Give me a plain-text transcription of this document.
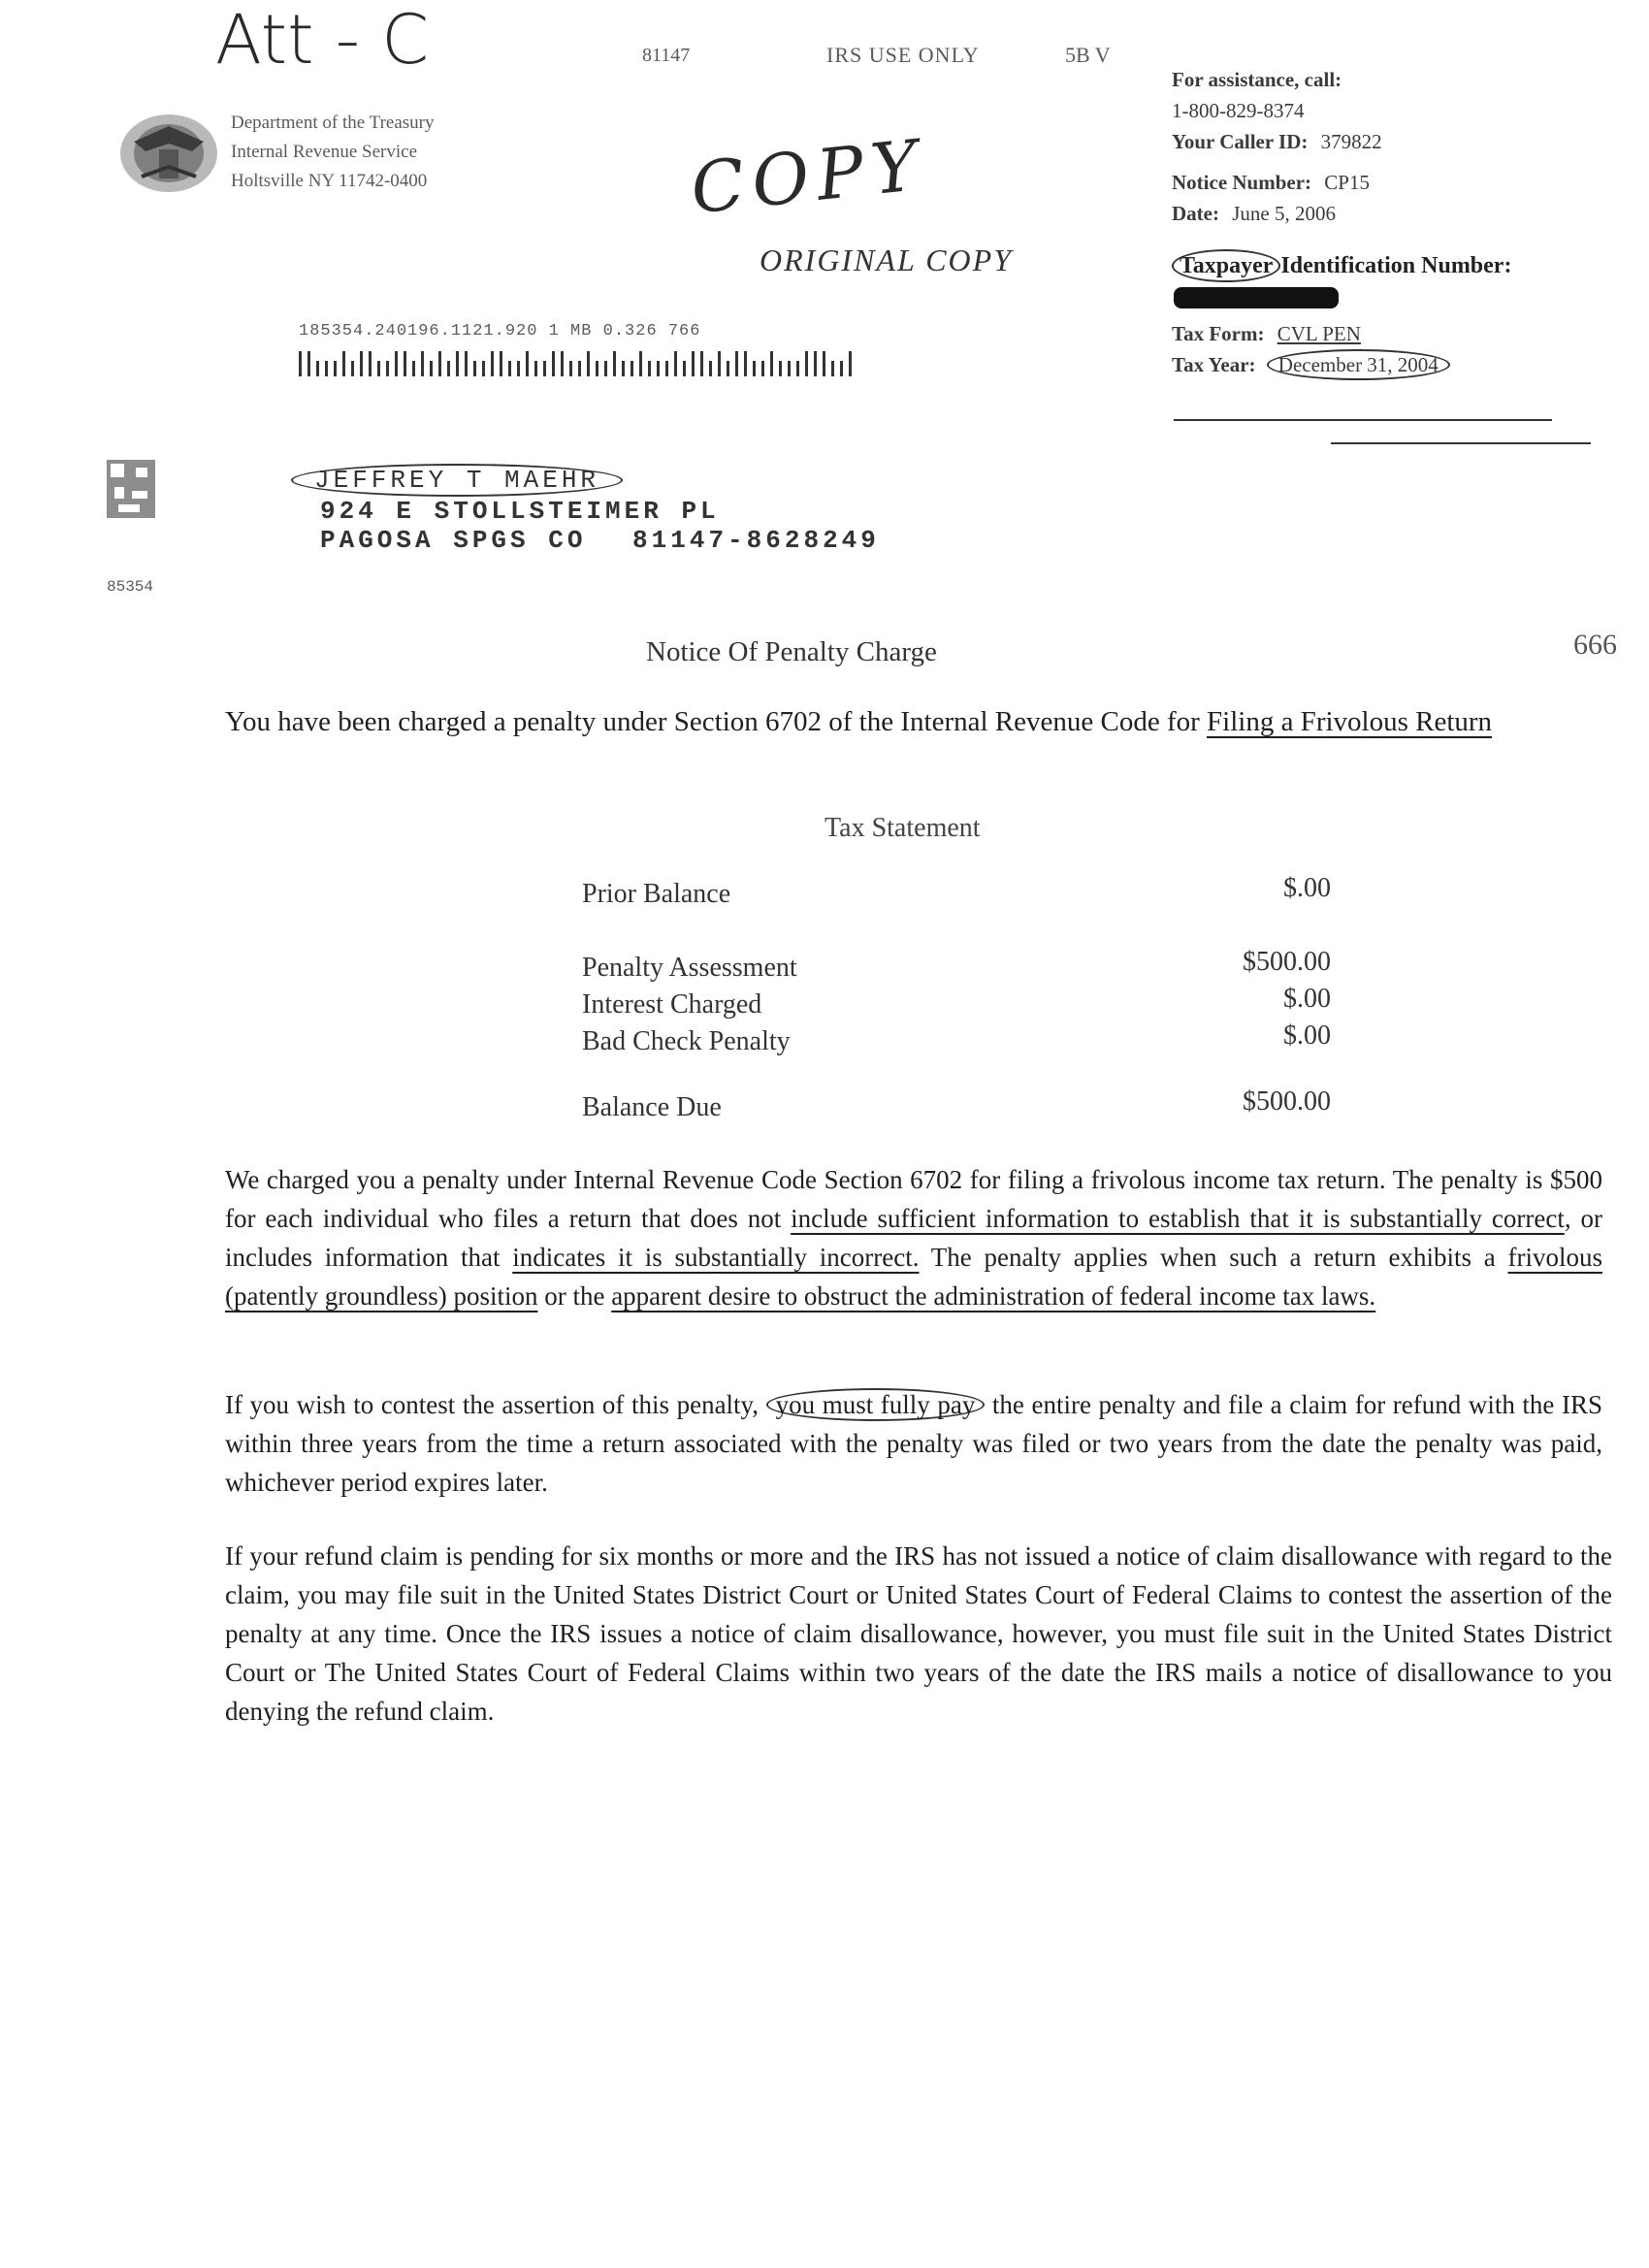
Att - C
COPY
81147	IRS USE ONLY	5B V
Department of the Treasury
Internal Revenue Service
Holtsville NY 11742-0400
ORIGINAL COPY
For assistance, call:
1-800-829-8374
Your Caller ID: 379822
Notice Number: CP15
Date: June 5, 2006
Taxpayer Identification Number:
Tax Form: CVL PEN
Tax Year: December 31, 2004
185354.240196.1121.920 1 MB 0.326 766
JEFFREY T MAEHR
924 E STOLLSTEIMER PL
PAGOSA SPGS CO 81147-8628249
85354
Notice Of Penalty Charge	666
You have been charged a penalty under Section 6702 of the Internal Revenue Code for Filing a Frivolous Return
Tax Statement
Prior Balance	$.00
Penalty Assessment	$500.00
Interest Charged	$.00
Bad Check Penalty	$.00
Balance Due	$500.00
We charged you a penalty under Internal Revenue Code Section 6702 for filing a frivolous income tax return. The penalty is $500 for each individual who files a return that does not include sufficient information to establish that it is substantially correct, or includes information that indicates it is substantially incorrect. The penalty applies when such a return exhibits a frivolous (patently groundless) position or the apparent desire to obstruct the administration of federal income tax laws.
If you wish to contest the assertion of this penalty, you must fully pay the entire penalty and file a claim for refund with the IRS within three years from the time a return associated with the penalty was filed or two years from the date the penalty was paid, whichever period expires later.
If your refund claim is pending for six months or more and the IRS has not issued a notice of claim disallowance with regard to the claim, you may file suit in the United States District Court or United States Court of Federal Claims to contest the assertion of the penalty at any time. Once the IRS issues a notice of claim disallowance, however, you must file suit in the United States District Court or The United States Court of Federal Claims within two years of the date the IRS mails a notice of disallowance to you denying the refund claim.
